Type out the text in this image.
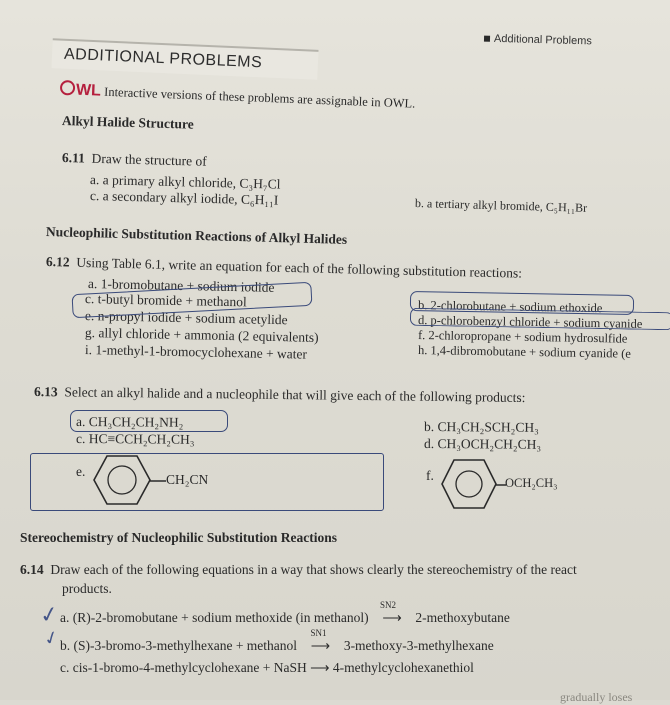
Additional Problems
ADDITIONAL PROBLEMS
WL Interactive versions of these problems are assignable in OWL.
Alkyl Halide Structure
6.11 Draw the structure of
a. a primary alkyl chloride, C₃H₇Cl
c. a secondary alkyl iodide, C₆H₁₁I	b. a tertiary alkyl bromide, C₅H₁₁Br
Nucleophilic Substitution Reactions of Alkyl Halides
6.12 Using Table 6.1, write an equation for each of the following substitution reactions:
a. 1-bromobutane + sodium iodide
c. t-butyl bromide + methanol
e. n-propyl iodide + sodium acetylide
g. allyl chloride + ammonia (2 equivalents)
i. 1-methyl-1-bromocyclohexane + water
b. 2-chlorobutane + sodium ethoxide
d. p-chlorobenzyl chloride + sodium cyanide
f. 2-chloropropane + sodium hydrosulfide
h. 1,4-dibromobutane + sodium cyanide (e
6.13 Select an alkyl halide and a nucleophile that will give each of the following products:
a. CH₃CH₂CH₂NH₂
c. HC≡CCH₂CH₂CH₃
b. CH₃CH₂SCH₂CH₃
d. CH₃OCH₂CH₂CH₃
e.
CH₂CN	f.	OCH₂CH₃
Stereochemistry of Nucleophilic Substitution Reactions
6.14 Draw each of the following equations in a way that shows clearly the stereochemistry of the react
products.
✓
✓
a. (R)-2-bromobutane + sodium methoxide (in methanol)
SN2
⟶ 2-methoxybutane
b. (S)-3-bromo-3-methylhexane + methanol
SN1
⟶ 3-methoxy-3-methylhexane
c. cis-1-bromo-4-methylcyclohexane + NaSH ⟶ 4-methylcyclohexanethiol
gradually loses
